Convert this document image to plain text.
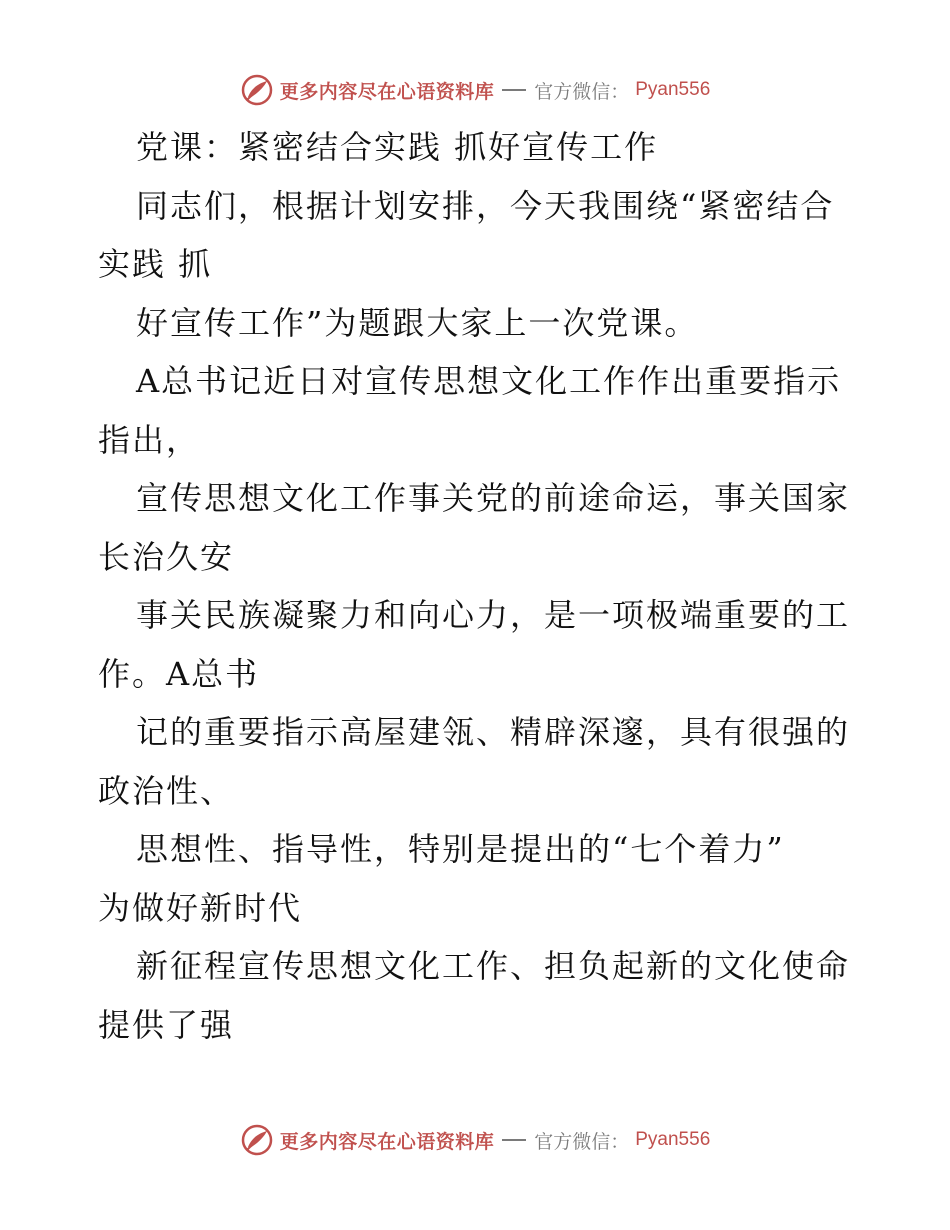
更多内容尽在心语资料库 官方微信： Pyan556
党课：紧密结合实践 抓好宣传工作
同志们，根据计划安排，今天我围绕“紧密结合
实践 抓
好宣传工作”为题跟大家上一次党课。
A总书记近日对宣传思想文化工作作出重要指示
指出，
宣传思想文化工作事关党的前途命运，事关国家
长治久安
事关民族凝聚力和向心力，是一项极端重要的工
作。A总书
记的重要指示高屋建瓴、精辟深邃，具有很强的
政治性、
思想性、指导性，特别是提出的“七个着力”
为做好新时代
新征程宣传思想文化工作、担负起新的文化使命
提供了强
更多内容尽在心语资料库 官方微信： Pyan556
